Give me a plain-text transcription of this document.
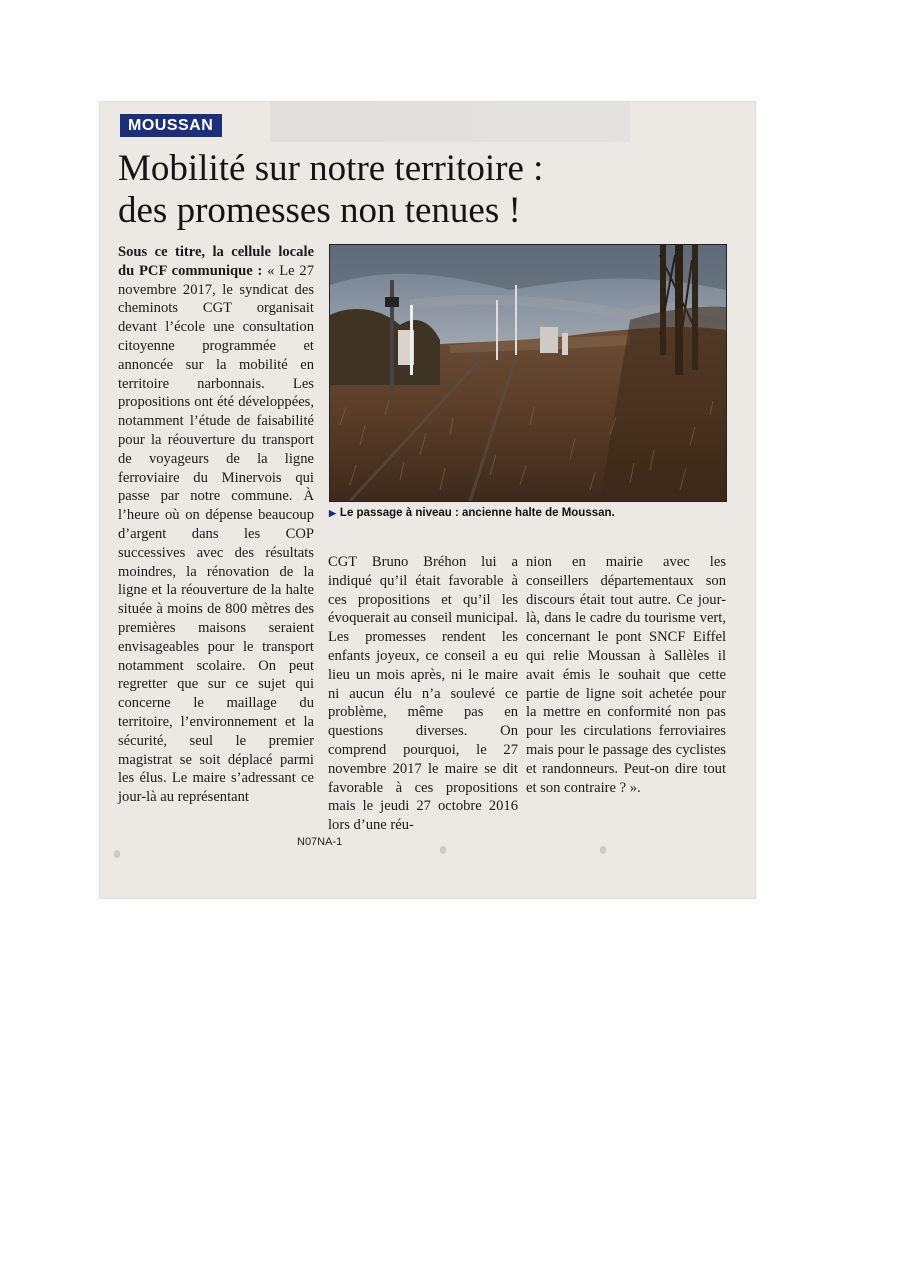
MOUSSAN
Mobilité sur notre territoire :
des promesses non tenues !

Sous ce titre, la cellule locale du PCF communique : « Le 27 novembre 2017, le syndicat des cheminots CGT organisait devant l’école une consultation citoyenne programmée et annoncée sur la mobilité en territoire narbonnais. Les propositions ont été développées, notamment l’étude de faisabilité pour la réouverture du transport de voyageurs de la ligne ferroviaire du Minervois qui passe par notre commune. À l’heure où on dépense beaucoup d’argent dans les COP successives avec des résultats moindres, la rénovation de la ligne et la réouverture de la halte située à moins de 800 mètres des premières maisons seraient envisageables pour le transport notamment scolaire. On peut regretter que sur ce sujet qui concerne le maillage du territoire, l’environnement et la sécurité, seul le premier magistrat se soit déplacé parmi les élus. Le maire s’adressant ce jour-là au représentant

▶ Le passage à niveau : ancienne halte de Moussan.

CGT Bruno Bréhon lui a indiqué qu’il était favorable à ces propositions et qu’il les évoquerait au conseil municipal. Les promesses rendent les enfants joyeux, ce conseil a eu lieu un mois après, ni le maire ni aucun élu n’a soulevé ce problème, même pas en questions diverses. On comprend pourquoi, le 27 novembre 2017 le maire se dit favorable à ces propositions mais le jeudi 27 octobre 2016 lors d’une réu-

nion en mairie avec les conseillers départementaux son discours était tout autre. Ce jour-là, dans le cadre du tourisme vert, concernant le pont SNCF Eiffel qui relie Moussan à Sallèles il avait émis le souhait que cette partie de ligne soit achetée pour la mettre en conformité non pas pour les circulations ferroviaires mais pour le passage des cyclistes et randonneurs. Peut-on dire tout et son contraire ? ».

N07NA-1
